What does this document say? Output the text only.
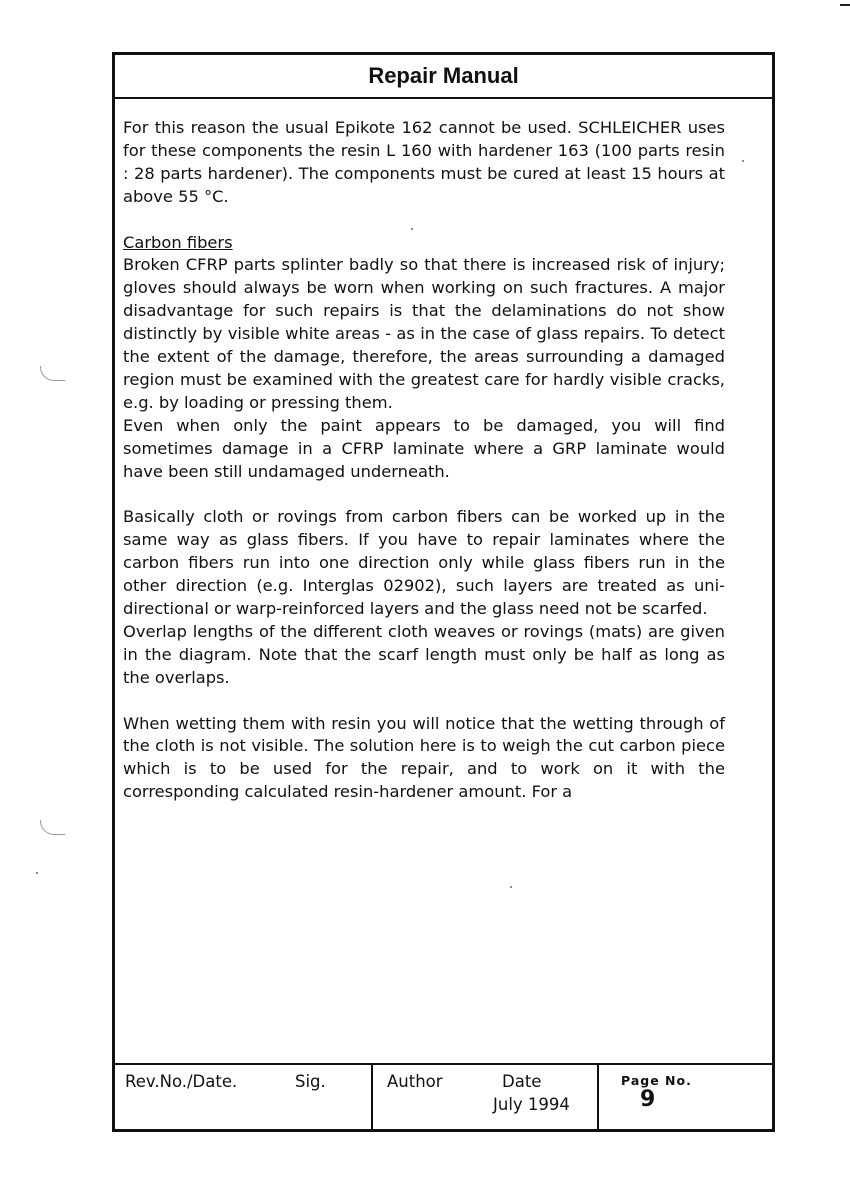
Repair Manual

For this reason the usual Epikote 162 cannot be used. SCHLEICHER uses for these components the resin L 160 with hardener 163 (100 parts resin : 28 parts hardener). The components must be cured at least 15 hours at above 55 °C.

Carbon fibers

Broken CFRP parts splinter badly so that there is increased risk of injury; gloves should always be worn when working on such fractures. A major disadvantage for such repairs is that the delaminations do not show distinctly by visible white areas - as in the case of glass repairs. To detect the extent of the damage, therefore, the areas surrounding a damaged region must be examined with the greatest care for hardly visible cracks, e.g. by loading or pressing them.

Even when only the paint appears to be damaged, you will find sometimes damage in a CFRP laminate where a GRP laminate would have been still undamaged underneath.

Basically cloth or rovings from carbon fibers can be worked up in the same way as glass fibers. If you have to repair laminates where the carbon fibers run into one direction only while glass fibers run in the other direction (e.g. Interglas 02902), such layers are treated as uni-directional or warp-reinforced layers and the glass need not be scarfed.

Overlap lengths of the different cloth weaves or rovings (mats) are given in the diagram. Note that the scarf length must only be half as long as the overlaps.

When wetting them with resin you will notice that the wetting through of the cloth is not visible. The solution here is to weigh the cut carbon piece which is to be used for the repair, and to work on it with the corresponding calculated resin-hardener amount. For a

Rev.No./Date.	Sig.	Author	Date
July 1994
Page No.
9
